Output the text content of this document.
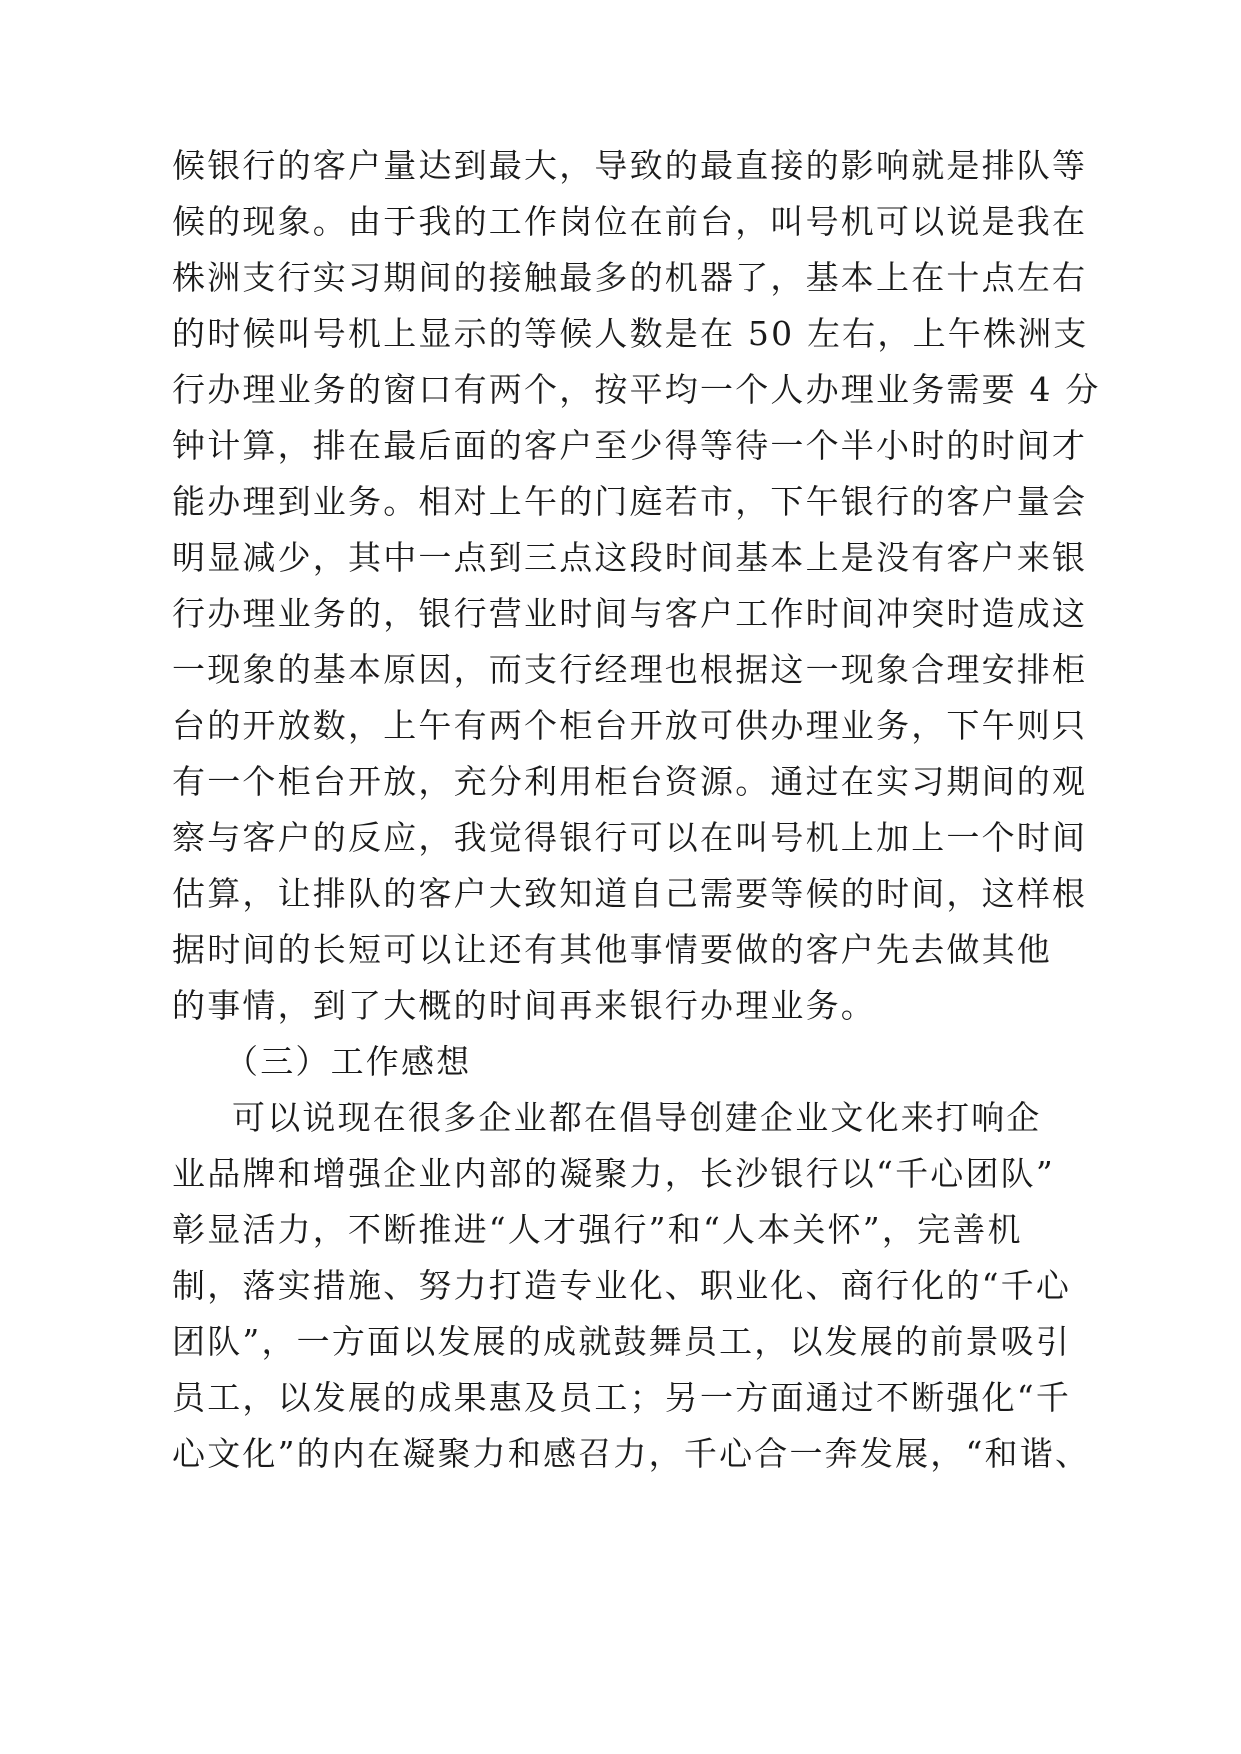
候银行的客户量达到最大，导致的最直接的影响就是排队等
候的现象。由于我的工作岗位在前台，叫号机可以说是我在
株洲支行实习期间的接触最多的机器了，基本上在十点左右
的时候叫号机上显示的等候人数是在 50 左右，上午株洲支
行办理业务的窗口有两个，按平均一个人办理业务需要 4 分
钟计算，排在最后面的客户至少得等待一个半小时的时间才
能办理到业务。相对上午的门庭若市，下午银行的客户量会
明显减少，其中一点到三点这段时间基本上是没有客户来银
行办理业务的，银行营业时间与客户工作时间冲突时造成这
一现象的基本原因，而支行经理也根据这一现象合理安排柜
台的开放数，上午有两个柜台开放可供办理业务，下午则只
有一个柜台开放，充分利用柜台资源。通过在实习期间的观
察与客户的反应，我觉得银行可以在叫号机上加上一个时间
估算，让排队的客户大致知道自己需要等候的时间，这样根
据时间的长短可以让还有其他事情要做的客户先去做其他
的事情，到了大概的时间再来银行办理业务。
（三）工作感想
可以说现在很多企业都在倡导创建企业文化来打响企
业品牌和增强企业内部的凝聚力，长沙银行以“千心团队”
彰显活力，不断推进“人才强行”和“人本关怀”，完善机
制，落实措施、努力打造专业化、职业化、商行化的“千心
团队”，一方面以发展的成就鼓舞员工，以发展的前景吸引
员工，以发展的成果惠及员工；另一方面通过不断强化“千
心文化”的内在凝聚力和感召力，千心合一奔发展，“和谐、
